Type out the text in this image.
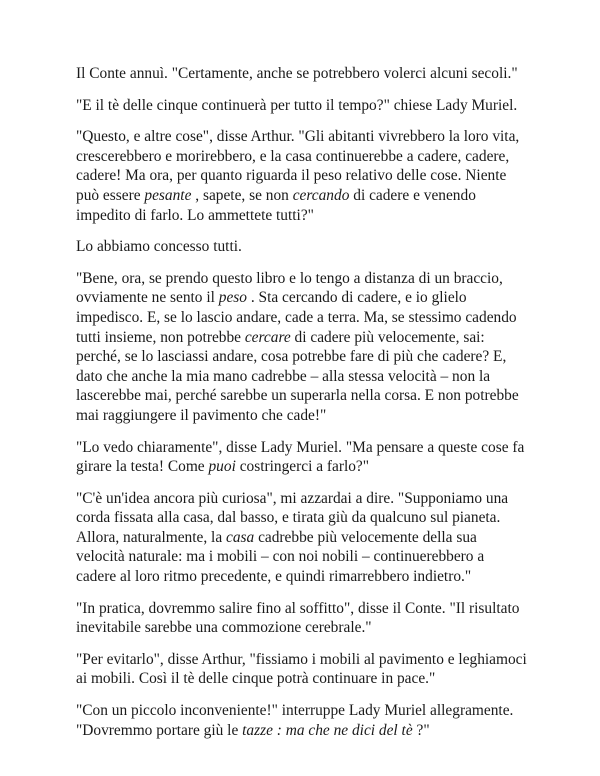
Il Conte annuì. "Certamente, anche se potrebbero volerci alcuni secoli."

"E il tè delle cinque continuerà per tutto il tempo?" chiese Lady Muriel.

"Questo, e altre cose", disse Arthur. "Gli abitanti vivrebbero la loro vita, crescerebbero e morirebbero, e la casa continuerebbe a cadere, cadere, cadere! Ma ora, per quanto riguarda il peso relativo delle cose. Niente può essere pesante , sapete, se non cercando di cadere e venendo impedito di farlo. Lo ammettete tutti?"

Lo abbiamo concesso tutti.

"Bene, ora, se prendo questo libro e lo tengo a distanza di un braccio, ovviamente ne sento il peso . Sta cercando di cadere, e io glielo impedisco. E, se lo lascio andare, cade a terra. Ma, se stessimo cadendo tutti insieme, non potrebbe cercare di cadere più velocemente, sai: perché, se lo lasciassi andare, cosa potrebbe fare di più che cadere? E, dato che anche la mia mano cadrebbe – alla stessa velocità – non la lascerebbe mai, perché sarebbe un superarla nella corsa. E non potrebbe mai raggiungere il pavimento che cade!"

"Lo vedo chiaramente", disse Lady Muriel. "Ma pensare a queste cose fa girare la testa! Come puoi costringerci a farlo?"

"C'è un'idea ancora più curiosa", mi azzardai a dire. "Supponiamo una corda fissata alla casa, dal basso, e tirata giù da qualcuno sul pianeta. Allora, naturalmente, la casa cadrebbe più velocemente della sua velocità naturale: ma i mobili – con noi nobili – continuerebbero a cadere al loro ritmo precedente, e quindi rimarrebbero indietro."

"In pratica, dovremmo salire fino al soffitto", disse il Conte. "Il risultato inevitabile sarebbe una commozione cerebrale."

"Per evitarlo", disse Arthur, "fissiamo i mobili al pavimento e leghiamoci ai mobili. Così il tè delle cinque potrà continuare in pace."

"Con un piccolo inconveniente!" interruppe Lady Muriel allegramente. "Dovremmo portare giù le tazze : ma che ne dici del tè ?"
